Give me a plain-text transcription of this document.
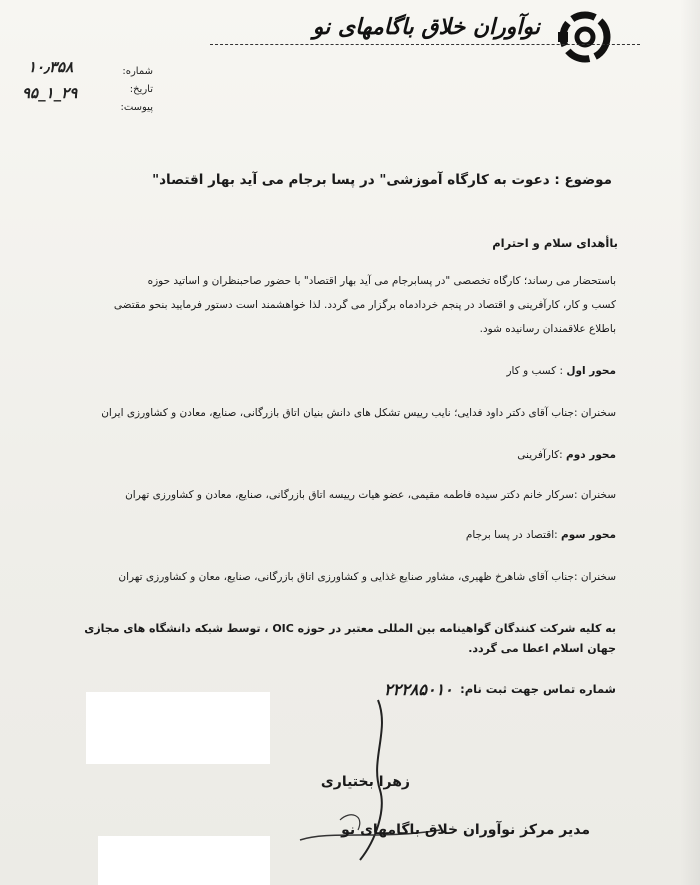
نوآوران خلاق باگامهای نو
شماره:
تاریخ:
پیوست:
۱۰٫۳۵۸
۹۵_۱_۲۹
موضوع : دعوت به کارگاه آموزشی" در پسا برجام می آید بهار اقتصاد"
باأهدای سلام و احترام
باستحضار می رساند؛ کارگاه تخصصی "در پسابرجام می آید بهار اقتصاد" با حضور صاحبنظران و اساتید حوزه
کسب و کار، کارآفرینی و اقتصاد در پنجم خردادماه برگزار می گردد. لذا خواهشمند است دستور فرمایید بنحو مقتضی
باطلاع علاقمندان رسانیده شود.
محور اول : کسب و کار
سخنران :جناب آقای دکتر داود فدایی؛ نایب رییس تشکل های دانش بنیان اتاق بازرگانی، صنایع، معادن و کشاورزی ایران
محور دوم :کارآفرینی
سخنران :سرکار خانم دکتر سیده فاطمه مقیمی، عضو هیات رییسه اتاق بازرگانی، صنایع، معادن و کشاورزی تهران
محور سوم :اقتصاد در پسا برجام
سخنران :جناب آقای شاهرخ ظهیری، مشاور صنایع غذایی و کشاورزی اتاق بازرگانی، صنایع، معان و کشاورزی تهران
به کلیه شرکت کنندگان گواهینامه بین المللی معتبر در حوزه OIC ، توسط شبکه دانشگاه های مجازی
جهان اسلام اعطا می گردد.
شماره تماس جهت ثبت نام:
۲۲۲۸۵۰۱۰
زهرا بختیاری
مدیر مرکز نوآوران خلاق باگامهای نو
